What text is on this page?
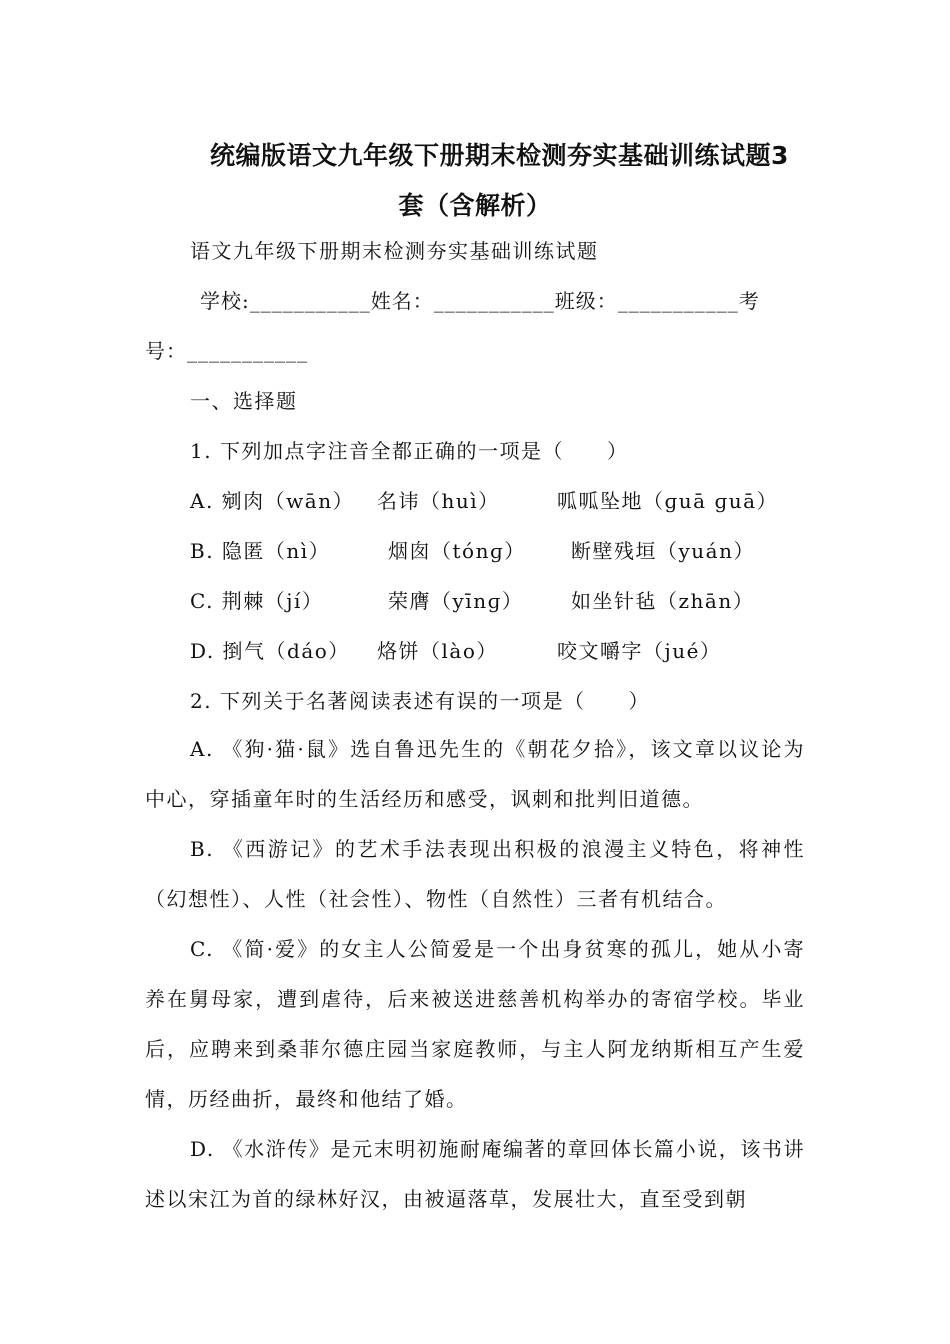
统编版语文九年级下册期末检测夯实基础训练试题3
套（含解析）
语文九年级下册期末检测夯实基础训练试题
学校:___________姓名：___________班级：___________考
号：___________
一、选择题
1. 下列加点字注音全都正确的一项是（　　）
A. 剜肉（wān） 名讳（huì）	呱呱坠地（ɡuā ɡuā）
B. 隐匿（nì）	烟囱（tónɡ） 断壁残垣（yuán）
C. 荆棘（jí）	荣膺（yīnɡ） 如坐针毡（zhān）
D. 捯气（dáo） 烙饼（lào）	咬文嚼字（jué）
2. 下列关于名著阅读表述有误的一项是（　　）
A. 《狗·猫·鼠》选自鲁迅先生的《朝花夕拾》，该文章以议论为中心，穿插童年时的生活经历和感受，讽刺和批判旧道德。
B. 《西游记》的艺术手法表现出积极的浪漫主义特色，将神性（幻想性）、人性（社会性）、物性（自然性）三者有机结合。
C. 《简·爱》的女主人公简爱是一个出身贫寒的孤儿，她从小寄养在舅母家，遭到虐待，后来被送进慈善机构举办的寄宿学校。毕业后，应聘来到桑菲尔德庄园当家庭教师，与主人阿龙纳斯相互产生爱情，历经曲折，最终和他结了婚。
D. 《水浒传》是元末明初施耐庵编著的章回体长篇小说，该书讲述以宋江为首的绿林好汉，由被逼落草，发展壮大，直至受到朝
